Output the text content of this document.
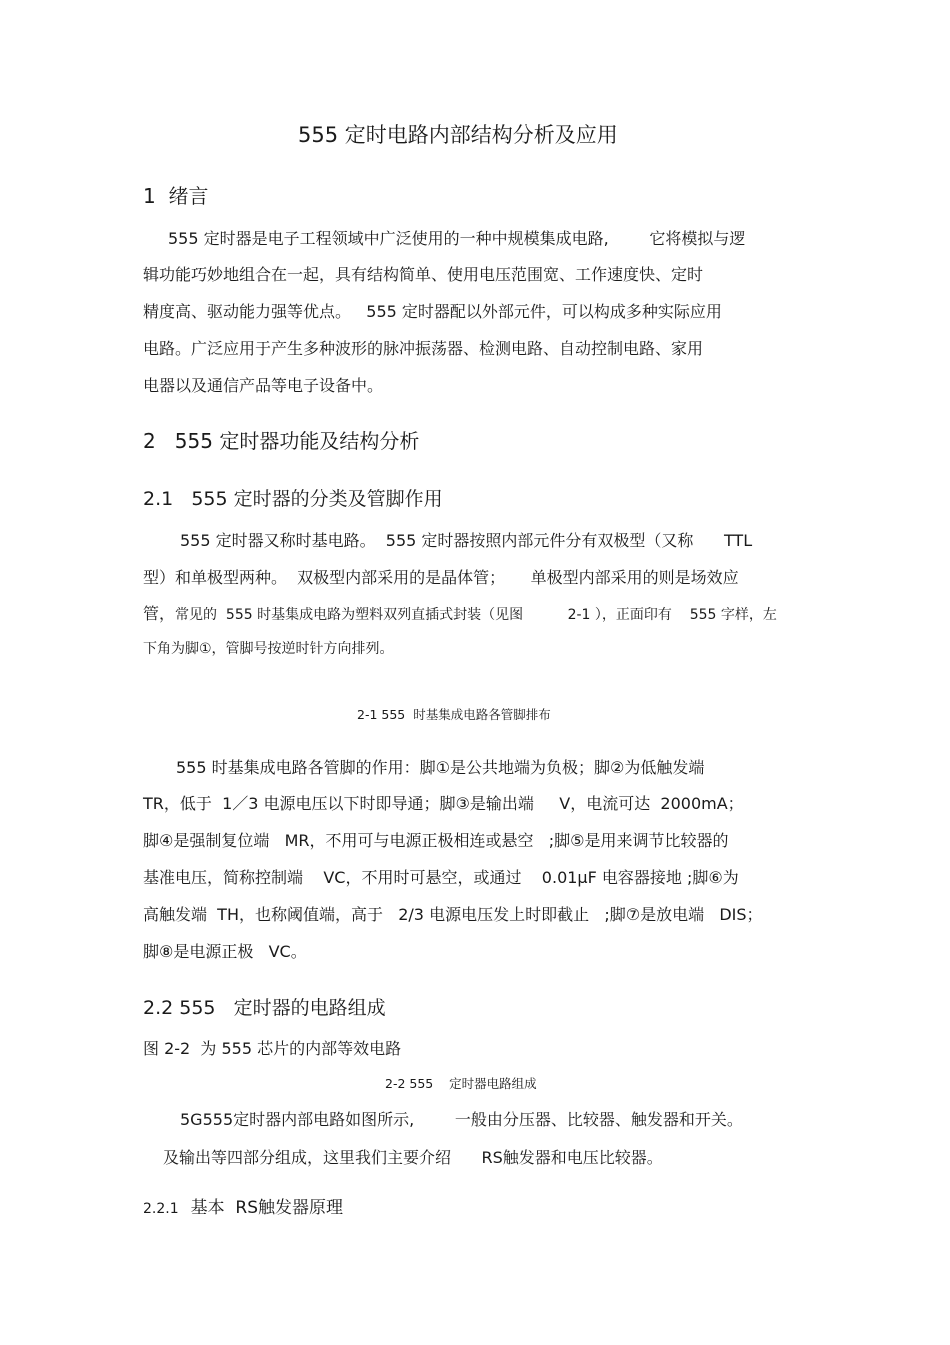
555 定时电路内部结构分析及应用
1  绪言

555 定时器是电子工程领域中广泛使用的一种中规模集成电路,        它将模拟与逻

辑功能巧妙地组合在一起，具有结构简单、使用电压范围宽、工作速度快、定时

精度高、驱动能力强等优点。   555 定时器配以外部元件，可以构成多种实际应用

电路。广泛应用于产生多种波形的脉冲振荡器、检测电路、自动控制电路、家用

电器以及通信产品等电子设备中。

2   555 定时器功能及结构分析
2.1   555 定时器的分类及管脚作用

555 定时器又称时基电路。  555 定时器按照内部元件分有双极型（又称      TTL

型）和单极型两种。  双极型内部采用的是晶体管；     单极型内部采用的则是场效应

管，常见的  555 时基集成电路为塑料双列直插式封装（见图          2-1 ），正面印有    555 字样，左

下角为脚①，管脚号按逆时针方向排列。

2-1 555  时基集成电路各管脚排布

555 时基集成电路各管脚的作用：脚①是公共地端为负极；脚②为低触发端

TR，低于  1／3 电源电压以下时即导通；脚③是输出端     V，电流可达  2000mA；

脚④是强制复位端   MR，不用可与电源正极相连或悬空   ;脚⑤是用来调节比较器的

基准电压，简称控制端    VC，不用时可悬空，或通过    0.01μF 电容器接地 ;脚⑥为

高触发端  TH，也称阈值端，高于   2/3 电源电压发上时即截止   ;脚⑦是放电端   DIS；

脚⑧是电源正极   VC。

2.2 555   定时器的电路组成

图 2-2  为 555 芯片的内部等效电路

2-2 555    定时器电路组成

5G555定时器内部电路如图所示,        一般由分压器、比较器、触发器和开关。

及输出等四部分组成，这里我们主要介绍      RS触发器和电压比较器。

2.2.1 基本  RS触发器原理
